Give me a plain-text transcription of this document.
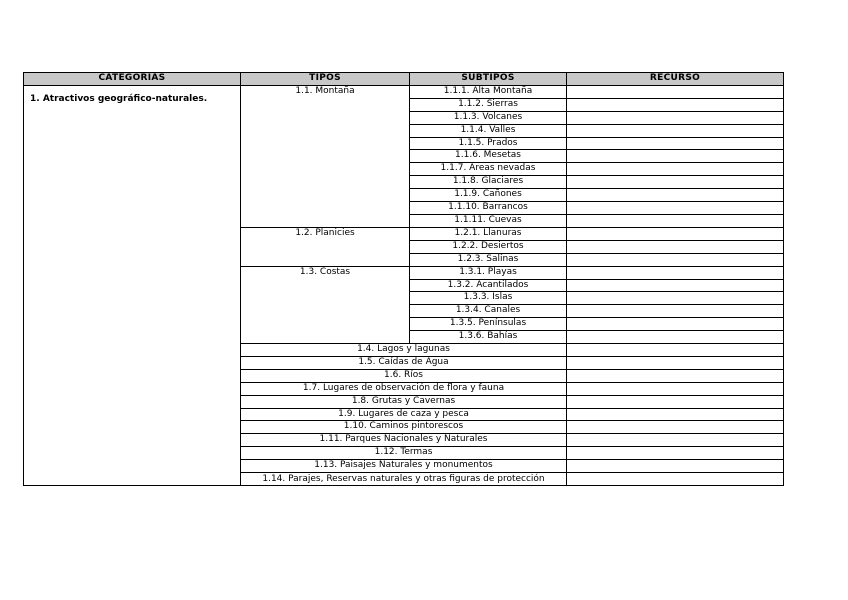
CATEGORÍAS	TIPOS	SUBTIPOS	RECURSO
1. Atractivos geográfico-naturales.	1.1. Montaña	1.1.1. Alta Montaña	
		1.1.2. Sierras	
		1.1.3. Volcanes	
		1.1.4. Valles	
		1.1.5. Prados	
		1.1.6. Mesetas	
		1.1.7. Áreas nevadas	
		1.1.8. Glaciares	
		1.1.9. Cañones	
		1.1.10. Barrancos	
		1.1.11. Cuevas	
	1.2. Planicies	1.2.1. Llanuras	
		1.2.2. Desiertos	
		1.2.3. Salinas	
	1.3. Costas	1.3.1. Playas	
		1.3.2. Acantilados	
		1.3.3. Islas	
		1.3.4. Canales	
		1.3.5. Penínsulas	
		1.3.6. Bahías	
	1.4. Lagos y lagunas		
	1.5. Caídas de Agua		
	1.6. Ríos		
	1.7. Lugares de observación de flora y fauna		
	1.8. Grutas y Cavernas		
	1.9. Lugares de caza y pesca		
	1.10. Caminos pintorescos		
	1.11. Parques Nacionales y Naturales		
	1.12. Termas		
	1.13. Paisajes Naturales y monumentos		
	1.14. Parajes, Reservas naturales y otras figuras de protección		
